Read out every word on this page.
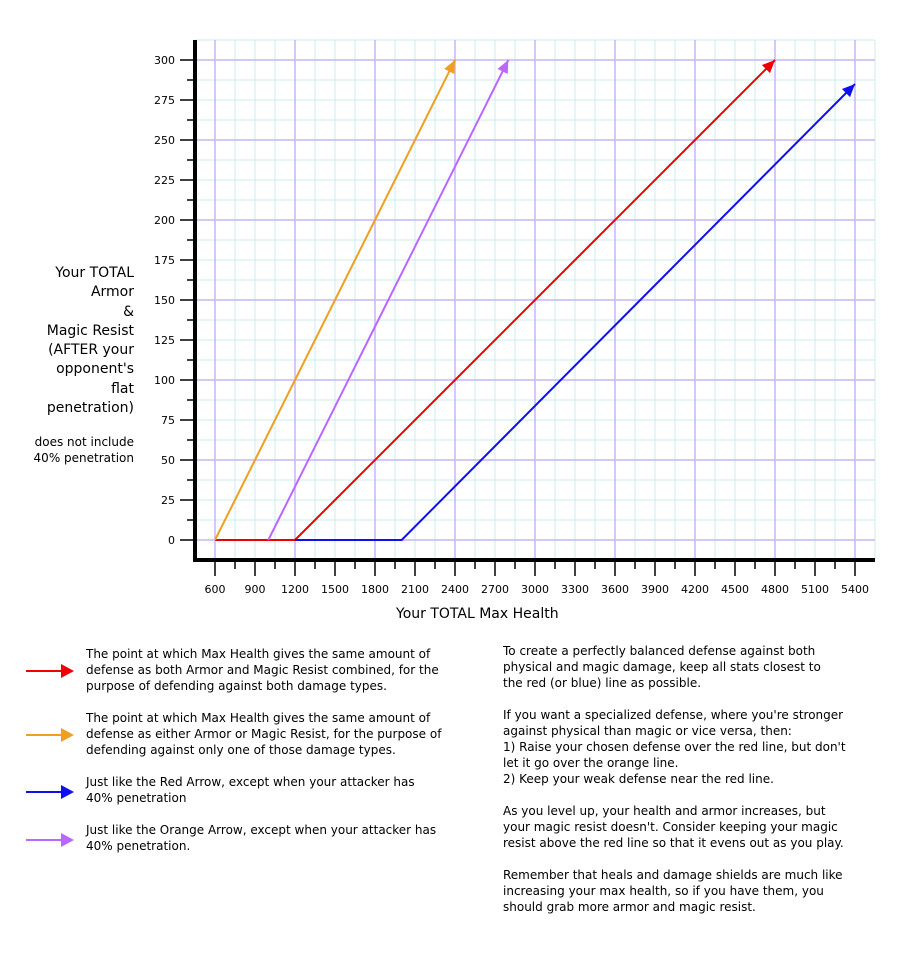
0
25
50
75
100
125
150
175
200
225
250
275
300
600 900 1200 1500 1800 2100 2400 2700 3000 3300 3600 3900 4200 4500 4800 5100 5400
Your TOTAL
Armor
&
Magic Resist
(AFTER your
opponent's
flat
penetration)
does not include
40% penetration
Your TOTAL Max Health
The point at which Max Health gives the same amount of
defense as both Armor and Magic Resist combined, for the
purpose of defending against both damage types.
The point at which Max Health gives the same amount of
defense as either Armor or Magic Resist, for the purpose of
defending against only one of those damage types.
Just like the Red Arrow, except when your attacker has
40% penetration
Just like the Orange Arrow, except when your attacker has
40% penetration.

To create a perfectly balanced defense against both
physical and magic damage, keep all stats closest to
the red (or blue) line as possible.

If you want a specialized defense, where you're stronger
against physical than magic or vice versa, then:
1) Raise your chosen defense over the red line, but don't
let it go over the orange line.
2) Keep your weak defense near the red line.

As you level up, your health and armor increases, but
your magic resist doesn't. Consider keeping your magic
resist above the red line so that it evens out as you play.

Remember that heals and damage shields are much like
increasing your max health, so if you have them, you
should grab more armor and magic resist.
